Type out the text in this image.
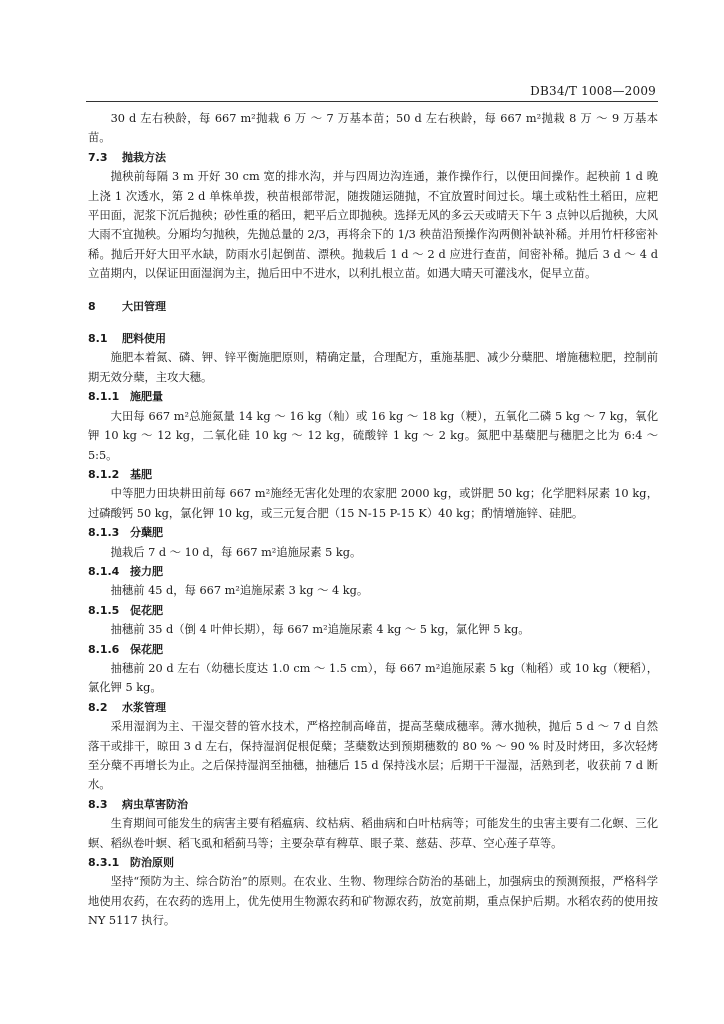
DB34/T 1008—2009

30 d 左右秧龄，每 667 m²抛栽 6 万 ～ 7 万基本苗；50 d 左右秧龄，每 667 m²抛栽 8 万 ～ 9 万基本苗。

7.3 抛栽方法

抛秧前每隔 3 m 开好 30 cm 宽的排水沟，并与四周边沟连通，兼作操作行，以便田间操作。起秧前 1 d 晚上浇 1 次透水，第 2 d 单株单拨，秧苗根部带泥，随拨随运随抛，不宜放置时间过长。壤土或粘性土稻田，应耙平田面，泥浆下沉后抛秧；砂性重的稻田，耙平后立即抛秧。选择无风的多云天或晴天下午 3 点钟以后抛秧，大风大雨不宜抛秧。分厢均匀抛秧，先抛总量的 2/3，再将余下的 1/3 秧苗沿预操作沟两侧补缺补稀。并用竹杆移密补稀。抛后开好大田平水缺，防雨水引起倒苗、漂秧。抛栽后 1 d ～ 2 d 应进行查苗，间密补稀。抛后 3 d ～ 4 d 立苗期内，以保证田面湿润为主，抛后田中不进水，以利扎根立苗。如遇大晴天可灌浅水，促早立苗。

8 大田管理
8.1 肥料使用

施肥本着氮、磷、钾、锌平衡施肥原则，精确定量，合理配方，重施基肥、减少分蘖肥、增施穗粒肥，控制前期无效分蘖，主攻大穗。

8.1.1 施肥量

大田每 667 m²总施氮量 14 kg ～ 16 kg（籼）或 16 kg ～ 18 kg（粳），五氧化二磷 5 kg ～ 7 kg，氧化钾 10 kg ～ 12 kg，二氧化硅 10 kg ～ 12 kg，硫酸锌 1 kg ～ 2 kg。氮肥中基蘖肥与穗肥之比为 6:4 ～ 5:5。

8.1.2 基肥

中等肥力田块耕田前每 667 m²施经无害化处理的农家肥 2000 kg，或饼肥 50 kg；化学肥料尿素 10 kg，过磷酸钙 50 kg，氯化钾 10 kg，或三元复合肥（15 N-15 P-15 K）40 kg；酌情增施锌、硅肥。

8.1.3 分蘖肥

抛栽后 7 d ～ 10 d，每 667 m²追施尿素 5 kg。

8.1.4 接力肥

抽穗前 45 d，每 667 m²追施尿素 3 kg ～ 4 kg。

8.1.5 促花肥

抽穗前 35 d（倒 4 叶伸长期），每 667 m²追施尿素 4 kg ～ 5 kg，氯化钾 5 kg。

8.1.6 保花肥

抽穗前 20 d 左右（幼穗长度达 1.0 cm ～ 1.5 cm），每 667 m²追施尿素 5 kg（籼稻）或 10 kg（粳稻），氯化钾 5 kg。

8.2 水浆管理

采用湿润为主、干湿交替的管水技术，严格控制高峰苗，提高茎蘖成穗率。薄水抛秧，抛后 5 d ～ 7 d 自然落干或排干，晾田 3 d 左右，保持湿润促根促蘖；茎蘖数达到预期穗数的 80 % ～ 90 % 时及时烤田，多次轻烤至分蘖不再增长为止。之后保持湿润至抽穗，抽穗后 15 d 保持浅水层；后期干干湿湿，活熟到老，收获前 7 d 断水。

8.3 病虫草害防治

生育期间可能发生的病害主要有稻瘟病、纹枯病、稻曲病和白叶枯病等；可能发生的虫害主要有二化螟、三化螟、稻纵卷叶螟、稻飞虱和稻蓟马等；主要杂草有稗草、眼子菜、慈菇、莎草、空心莲子草等。

8.3.1 防治原则

坚持“预防为主、综合防治”的原则。在农业、生物、物理综合防治的基础上，加强病虫的预测预报，严格科学地使用农药，在农药的选用上，优先使用生物源农药和矿物源农药，放宽前期，重点保护后期。水稻农药的使用按 NY 5117 执行。
